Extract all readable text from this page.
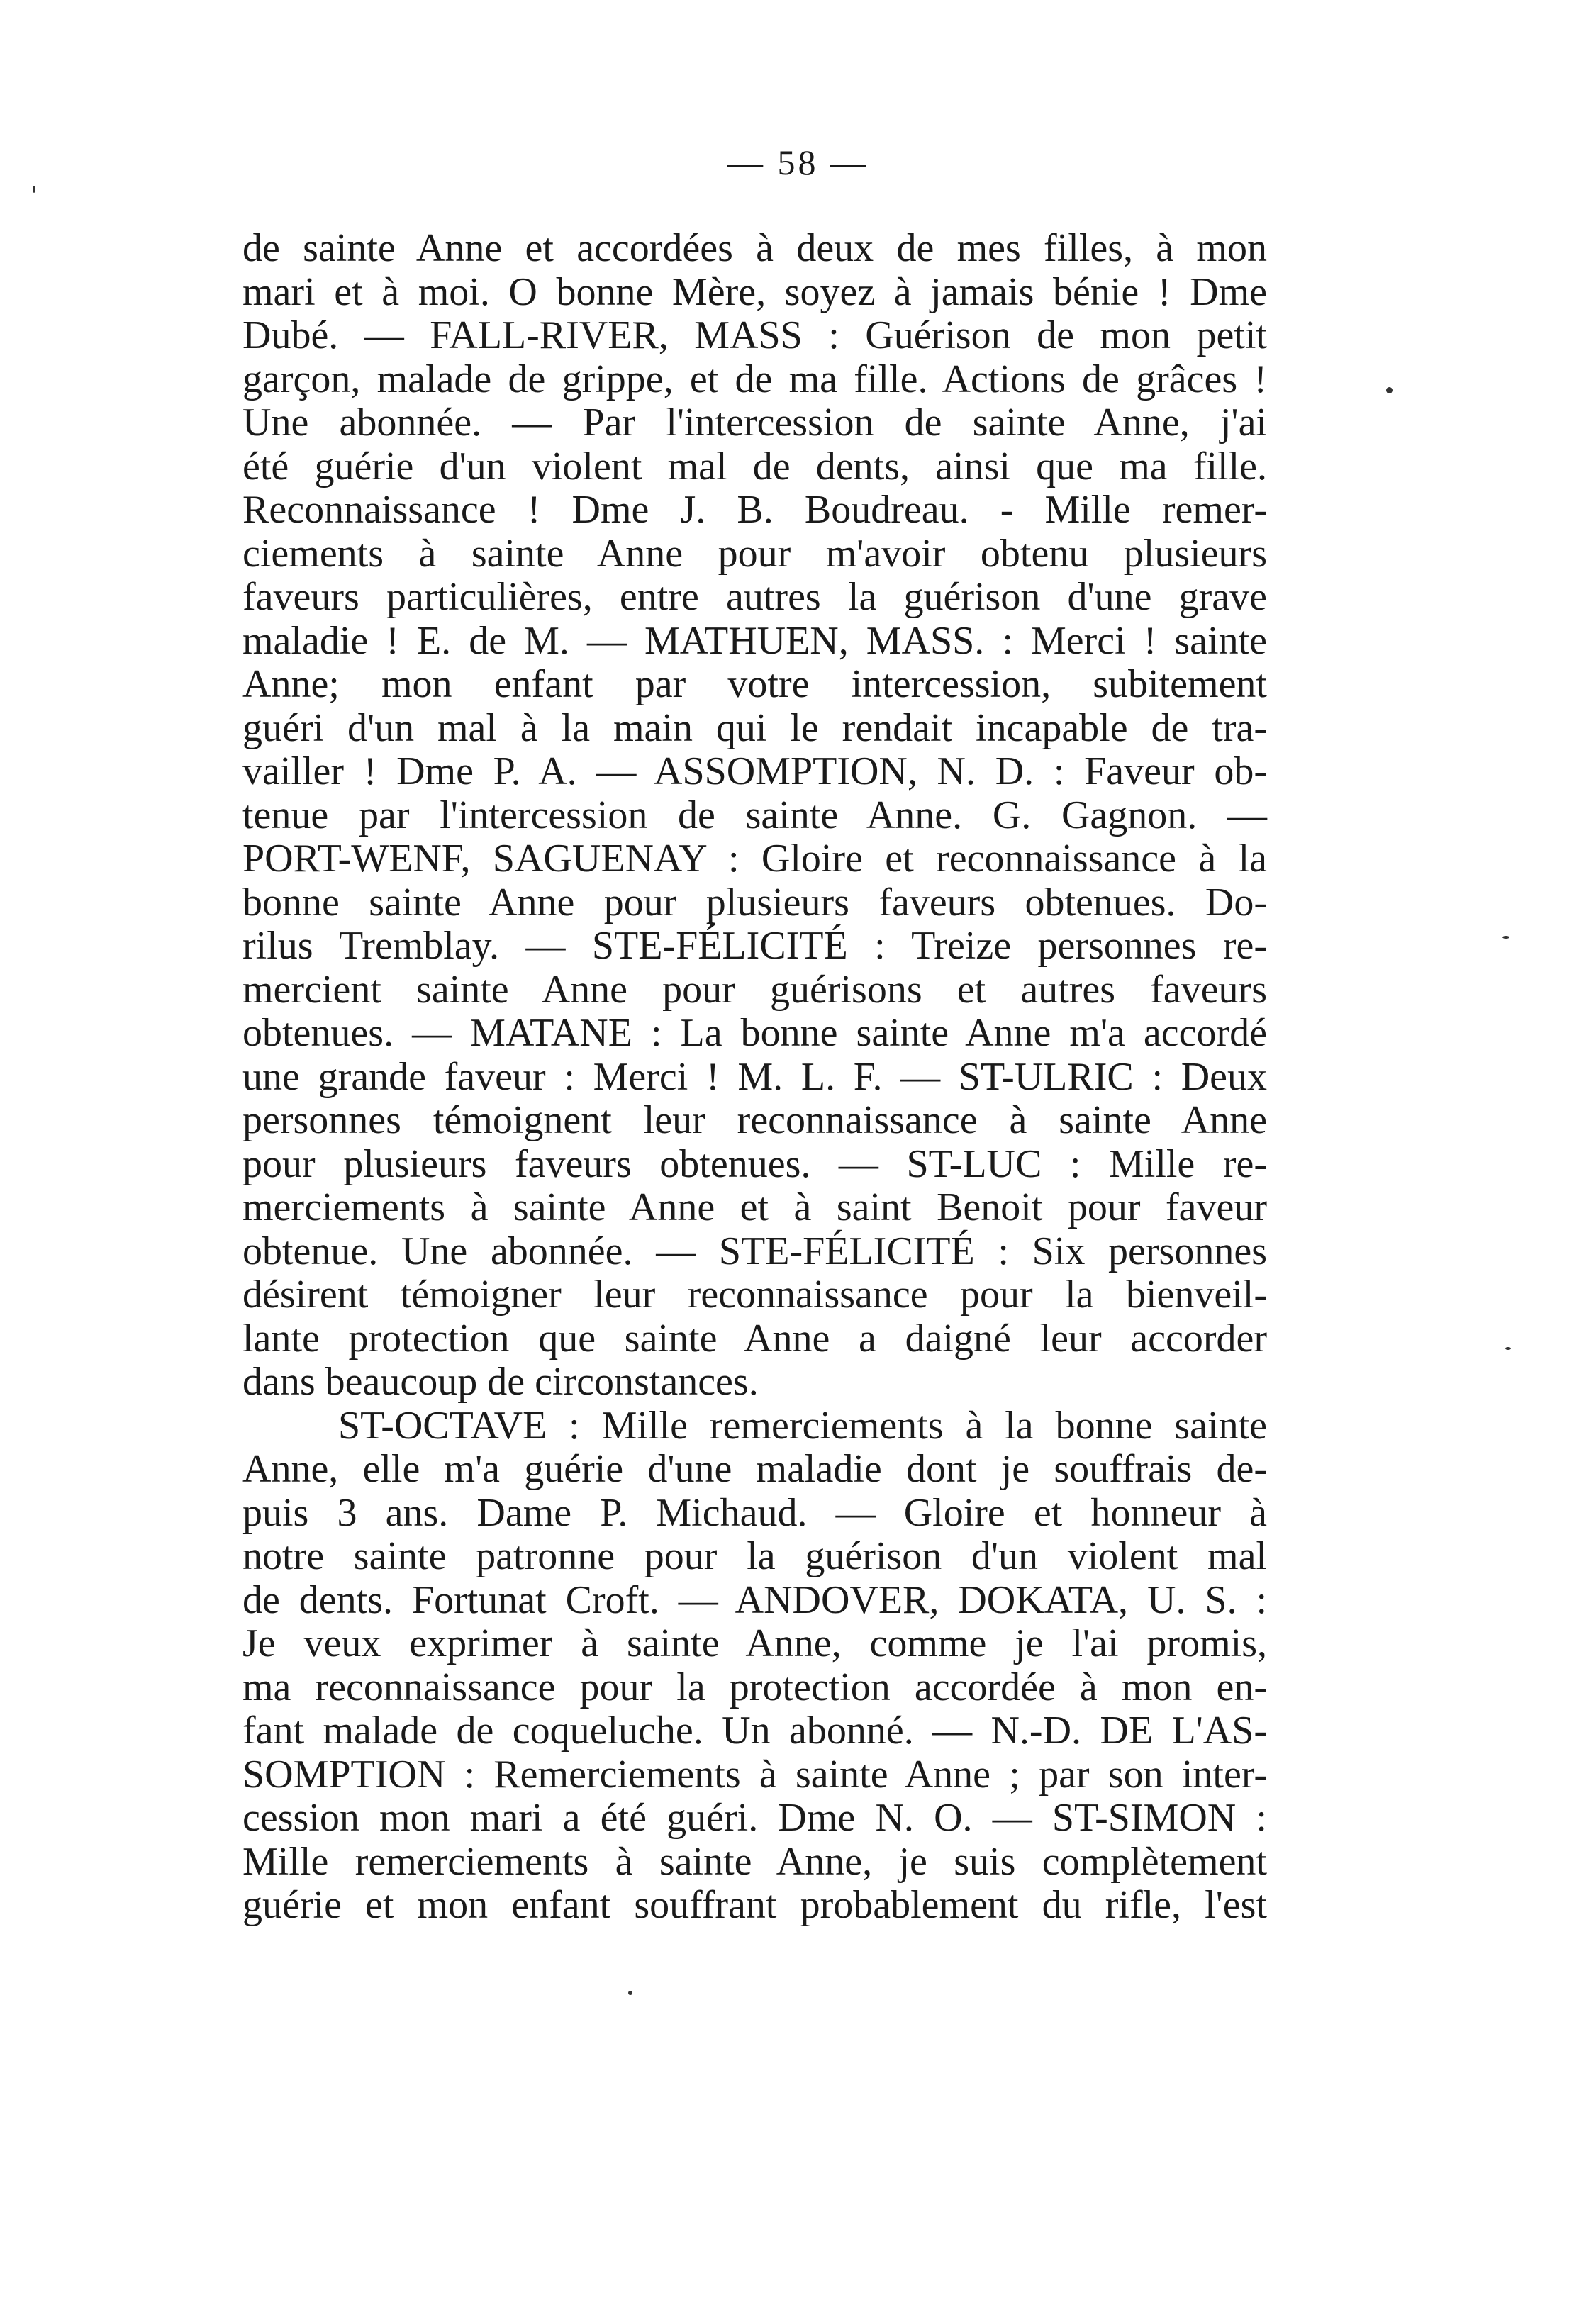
— 58 —
de sainte Anne et accordées à deux de mes filles, à mon
mari et à moi. O bonne Mère, soyez à jamais bénie ! Dme
Dubé. — FALL-RIVER, MASS : Guérison de mon petit
garçon, malade de grippe, et de ma fille. Actions de grâces !
Une abonnée. — Par l'intercession de sainte Anne, j'ai
été guérie d'un violent mal de dents, ainsi que ma fille.
Reconnaissance ! Dme J. B. Boudreau. - Mille remer-
ciements à sainte Anne pour m'avoir obtenu plusieurs
faveurs particulières, entre autres la guérison d'une grave
maladie ! E. de M. — MATHUEN, MASS. : Merci ! sainte
Anne; mon enfant par votre intercession, subitement
guéri d'un mal à la main qui le rendait incapable de tra-
vailler ! Dme P. A. — ASSOMPTION, N. D. : Faveur ob-
tenue par l'intercession de sainte Anne. G. Gagnon. —
PORT-WENF, SAGUENAY : Gloire et reconnaissance à la
bonne sainte Anne pour plusieurs faveurs obtenues. Do-
rilus Tremblay. — STE-FÉLICITÉ : Treize personnes re-
mercient sainte Anne pour guérisons et autres faveurs
obtenues. — MATANE : La bonne sainte Anne m'a accordé
une grande faveur : Merci ! M. L. F. — ST-ULRIC : Deux
personnes témoignent leur reconnaissance à sainte Anne
pour plusieurs faveurs obtenues. — ST-LUC : Mille re-
merciements à sainte Anne et à saint Benoit pour faveur
obtenue. Une abonnée. — STE-FÉLICITÉ : Six personnes
désirent témoigner leur reconnaissance pour la bienveil-
lante protection que sainte Anne a daigné leur accorder
dans beaucoup de circonstances.
ST-OCTAVE : Mille remerciements à la bonne sainte
Anne, elle m'a guérie d'une maladie dont je souffrais de-
puis 3 ans. Dame P. Michaud. — Gloire et honneur à
notre sainte patronne pour la guérison d'un violent mal
de dents. Fortunat Croft. — ANDOVER, DOKATA, U. S. :
Je veux exprimer à sainte Anne, comme je l'ai promis,
ma reconnaissance pour la protection accordée à mon en-
fant malade de coqueluche. Un abonné. — N.-D. DE L'AS-
SOMPTION : Remerciements à sainte Anne ; par son inter-
cession mon mari a été guéri. Dme N. O. — ST-SIMON :
Mille remerciements à sainte Anne, je suis complètement
guérie et mon enfant souffrant probablement du rifle, l'est
